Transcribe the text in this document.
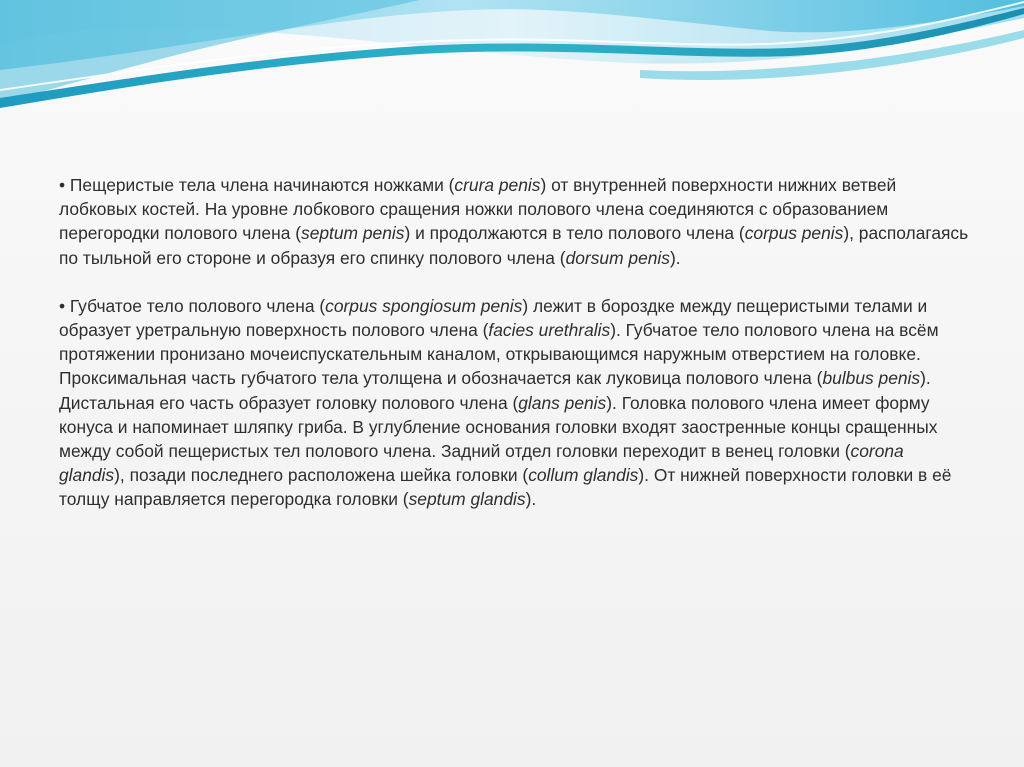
• Пещеристые тела члена начинаются ножками (crura penis) от внутренней поверхности нижних ветвей лобковых костей. На уровне лобкового сращения ножки полового члена соединяются с образованием перегородки полового члена (septum penis) и продолжаются в тело полового члена (corpus penis), располагаясь по тыльной его стороне и образуя его спинку полового члена (dorsum penis).

• Губчатое тело полового члена (corpus spongiosum penis) лежит в бороздке между пещеристыми телами и образует уретральную поверхность полового члена (facies urethralis). Губчатое тело полового члена на всём протяжении пронизано мочеиспускательным каналом, открывающимся наружным отверстием на головке. Проксимальная часть губчатого тела утолщена и обозначается как луковица полового члена (bulbus penis). Дистальная его часть образует головку полового члена (glans penis). Головка полового члена имеет форму конуса и напоминает шляпку гриба. В углубление основания головки входят заостренные концы сращенных между собой пещеристых тел полового члена. Задний отдел головки переходит в венец головки (corona glandis), позади последнего расположена шейка головки (collum glandis). От нижней поверхности головки в её толщу направляется перегородка головки (septum glandis).
